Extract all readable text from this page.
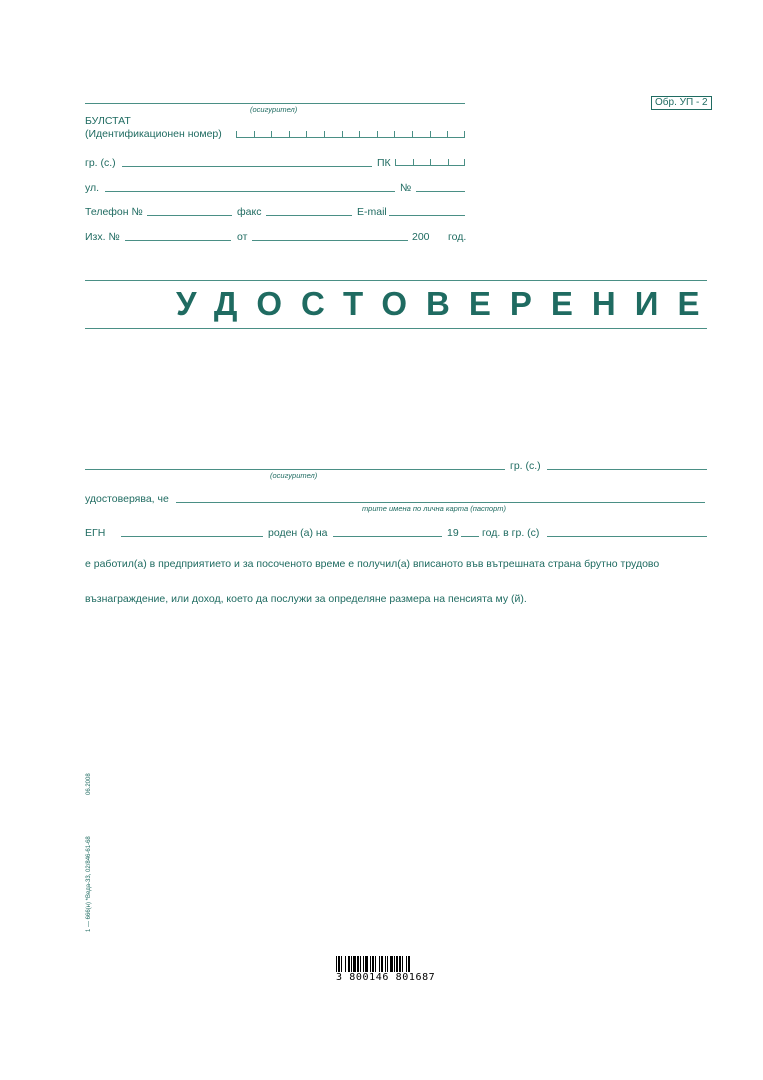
Обр. УП - 2
(осигурител)
БУЛСТАТ
(Идентификационен номер)
гр. (с.)	ПК
ул.	№
Телефон №	факс	E-mail
Изх. №	от	200 год.
УДОСТОВЕРЕНИЕ
(осигурител)
гр. (с.)
удостоверява, че
трите имена по лична карта (паспорт)
ЕГН	роден (а) на	19 год. в гр. (с)
е работил(а) в предприятието и за посоченото време е получил(а) вписаното във вътрешната страна брутно трудово
възнаграждение, или доход, което да послужи за определяне размера на пенсията му (й).
06.2008
1 — 666(н) *Веда-33, 02/846-61-68
3 800146 801687
